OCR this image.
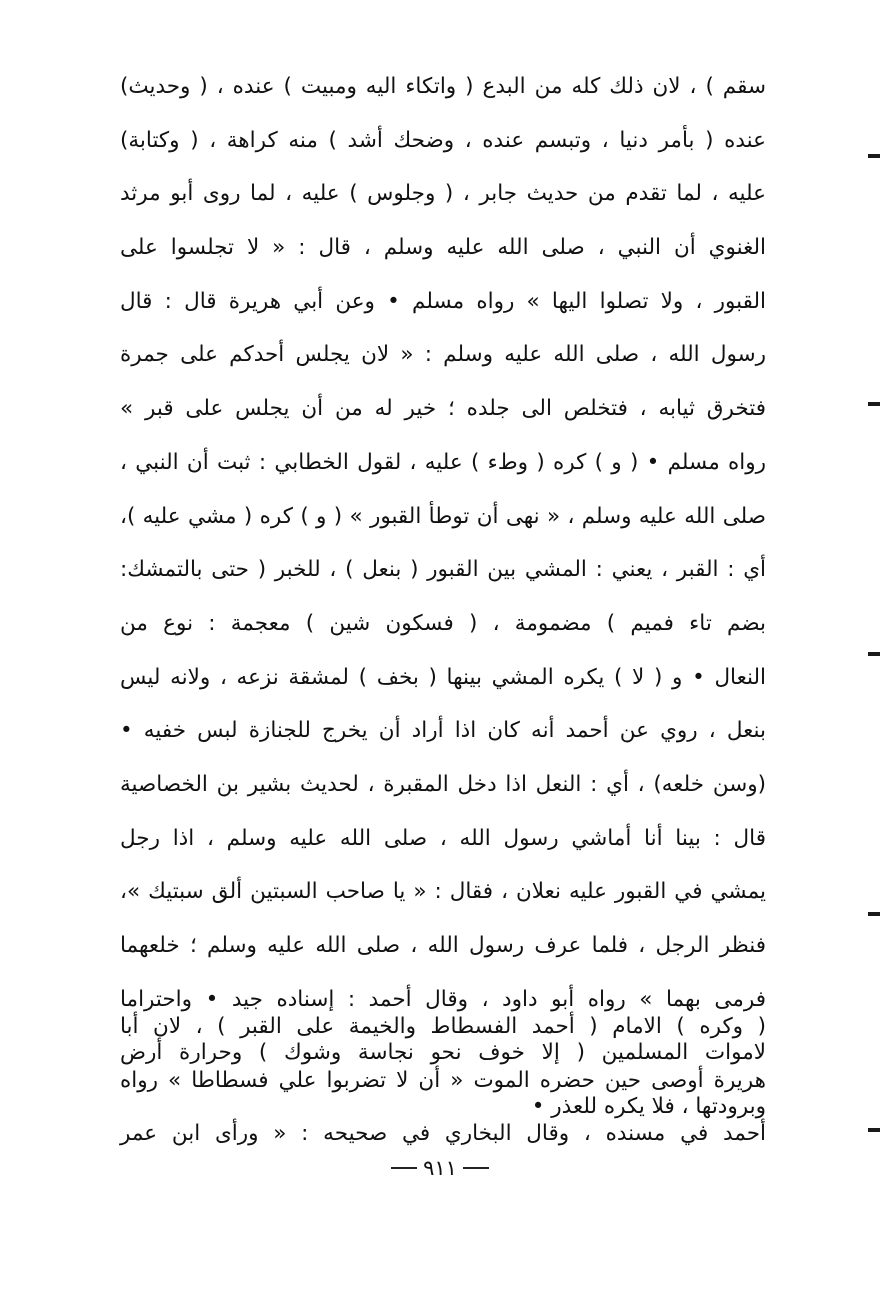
سقم ) ، لان ذلك كله من البدع ( واتكاء اليه ومبيت ) عنده ، ( وحديث)
عنده ( بأمر دنيا ، وتبسم عنده ، وضحك أشد ) منه كراهة ، ( وكتابة)
عليه ، لما تقدم من حديث جابر ، ( وجلوس ) عليه ، لما روى أبو مرثد
الغنوي أن النبي ، صلى الله عليه وسلم ، قال : « لا تجلسوا على
القبور ، ولا تصلوا اليها » رواه مسلم • وعن أبي هريرة قال : قال
رسول الله ، صلى الله عليه وسلم : « لان يجلس أحدكم على جمرة
فتخرق ثيابه ، فتخلص الى جلده ؛ خير له من أن يجلس على قبر »
رواه مسلم • ( و ) كره ( وطء ) عليه ، لقول الخطابي : ثبت أن النبي ،
صلى الله عليه وسلم ، « نهى أن توطأ القبور » ( و ) كره ( مشي عليه )،
أي : القبر ، يعني : المشي بين القبور ( بنعل ) ، للخبر ( حتى بالتمشك:
بضم تاء فميم ) مضمومة ، ( فسكون شين ) معجمة : نوع من
النعال • و ( لا ) يكره المشي بينها ( بخف ) لمشقة نزعه ، ولانه ليس
بنعل ، روي عن أحمد أنه كان اذا أراد أن يخرج للجنازة لبس خفيه •
(وسن خلعه) ، أي : النعل اذا دخل المقبرة ، لحديث بشير بن الخصاصية
قال : بينا أنا أماشي رسول الله ، صلى الله عليه وسلم ، اذا رجل
يمشي في القبور عليه نعلان ، فقال : « يا صاحب السبتين ألق سبتيك »،
فنظر الرجل ، فلما عرف رسول الله ، صلى الله عليه وسلم ؛ خلعهما
فرمى بهما » رواه أبو داود ، وقال أحمد : إسناده جيد • واحتراما
لاموات المسلمين ( إلا خوف نحو نجاسة وشوك ) وحرارة أرض
وبرودتها ، فلا يكره للعذر •
( وكره ) الامام ( أحمد الفسطاط والخيمة على القبر ) ، لان أبا
هريرة أوصى حين حضره الموت « أن لا تضربوا علي فسطاطا » رواه
أحمد في مسنده ، وقال البخاري في صحيحه : « ورأى ابن عمر
٩١١
